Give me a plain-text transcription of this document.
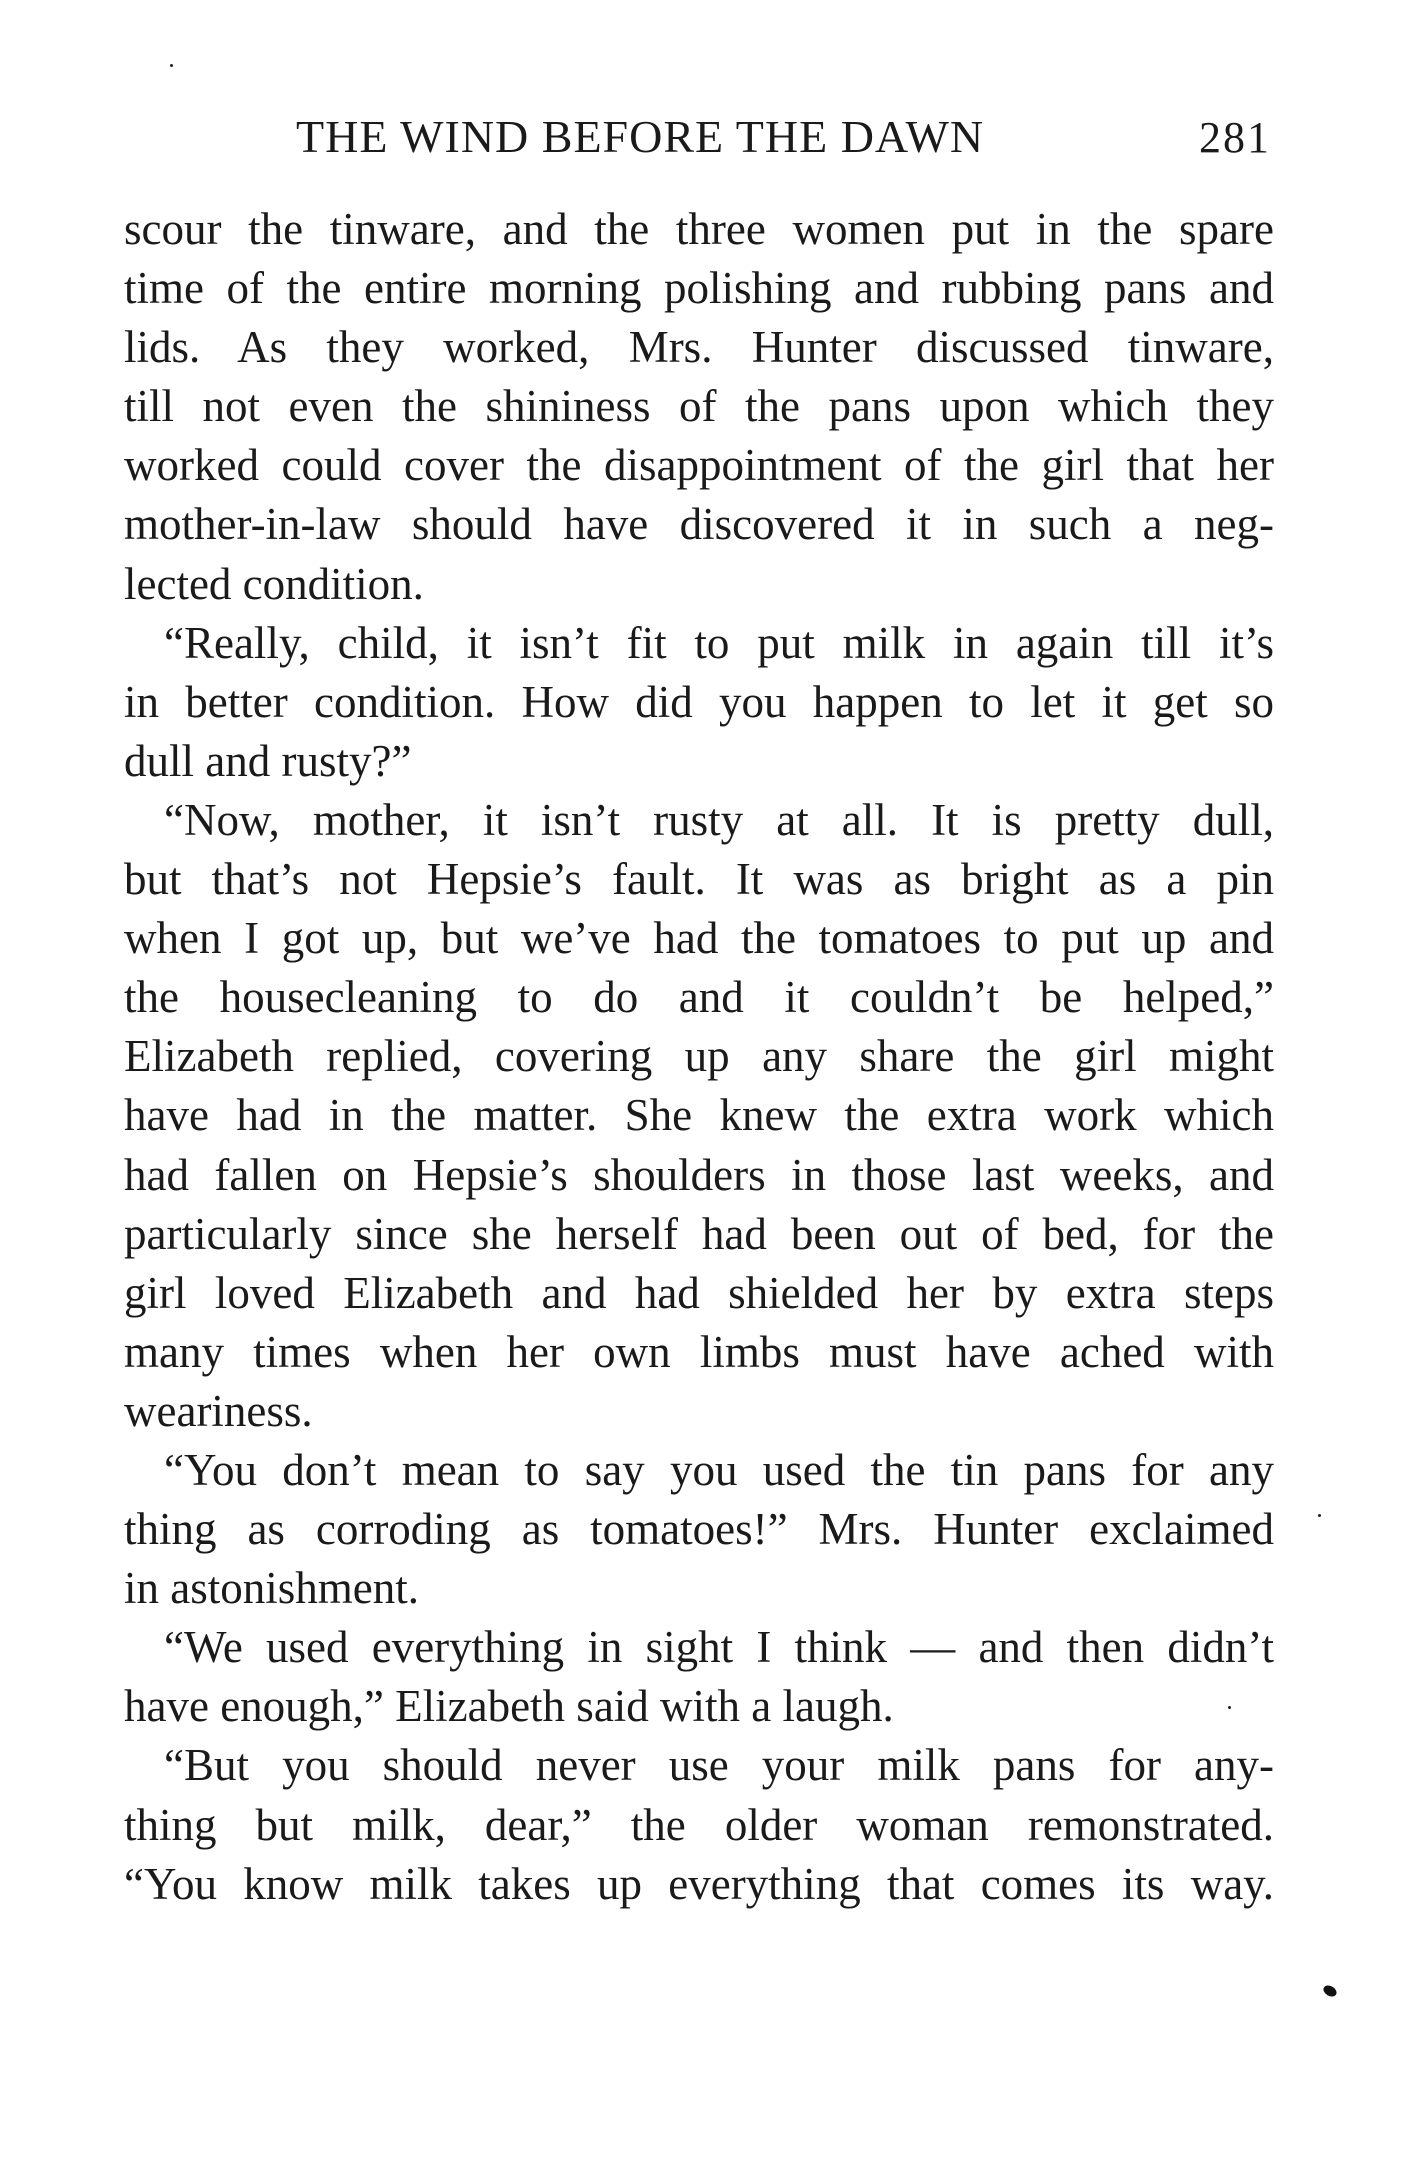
THE WIND BEFORE THE DAWN	281
scour the tinware, and the three women put in the spare
time of the entire morning polishing and rubbing pans and
lids. As they worked, Mrs. Hunter discussed tinware,
till not even the shininess of the pans upon which they
worked could cover the disappointment of the girl that her
mother-in-law should have discovered it in such a neg-
lected condition.
“Really, child, it isn’t fit to put milk in again till it’s
in better condition. How did you happen to let it get so
dull and rusty?”
“Now, mother, it isn’t rusty at all. It is pretty dull,
but that’s not Hepsie’s fault. It was as bright as a pin
when I got up, but we’ve had the tomatoes to put up and
the housecleaning to do and it couldn’t be helped,”
Elizabeth replied, covering up any share the girl might
have had in the matter. She knew the extra work which
had fallen on Hepsie’s shoulders in those last weeks, and
particularly since she herself had been out of bed, for the
girl loved Elizabeth and had shielded her by extra steps
many times when her own limbs must have ached with
weariness.
“You don’t mean to say you used the tin pans for any
thing as corroding as tomatoes!” Mrs. Hunter exclaimed
in astonishment.
“We used everything in sight I think — and then didn’t
have enough,” Elizabeth said with a laugh.
“But you should never use your milk pans for any-
thing but milk, dear,” the older woman remonstrated.
“You know milk takes up everything that comes its way.
